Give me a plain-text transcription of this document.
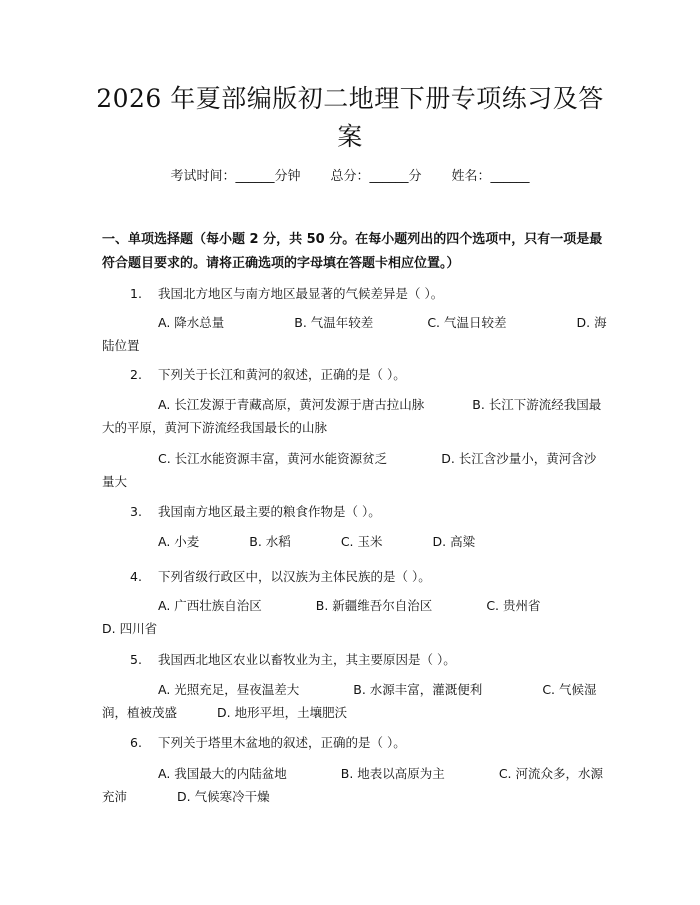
2026 年夏部编版初二地理下册专项练习及答
案
考试时间：______分钟 总分：______分 姓名：______
一、单项选择题（每小题 2 分，共 50 分。在每小题列出的四个选项中，只有一项是最符合题目要求的。请将正确选项的字母填在答题卡相应位置。）
1. 我国北方地区与南方地区最显著的气候差异是（ ）。
A. 降水总量	B. 气温年较差	C. 气温日较差	D. 海陆位置
2. 下列关于长江和黄河的叙述，正确的是（ ）。
A. 长江发源于青藏高原，黄河发源于唐古拉山脉	B. 长江下游流经我国最大的平原，黄河下游流经我国最长的山脉
C. 长江水能资源丰富，黄河水能资源贫乏	D. 长江含沙量小，黄河含沙量大
3. 我国南方地区最主要的粮食作物是（ ）。
A. 小麦	B. 水稻	C. 玉米	D. 高粱
4. 下列省级行政区中，以汉族为主体民族的是（ ）。
A. 广西壮族自治区	B. 新疆维吾尔自治区	C. 贵州省D. 四川省
5. 我国西北地区农业以畜牧业为主，其主要原因是（ ）。
A. 光照充足，昼夜温差大	B. 水源丰富，灌溉便利	C. 气候湿润，植被茂盛	D. 地形平坦，土壤肥沃
6. 下列关于塔里木盆地的叙述，正确的是（ ）。
A. 我国最大的内陆盆地	B. 地表以高原为主	C. 河流众多，水源充沛	D. 气候寒冷干燥
